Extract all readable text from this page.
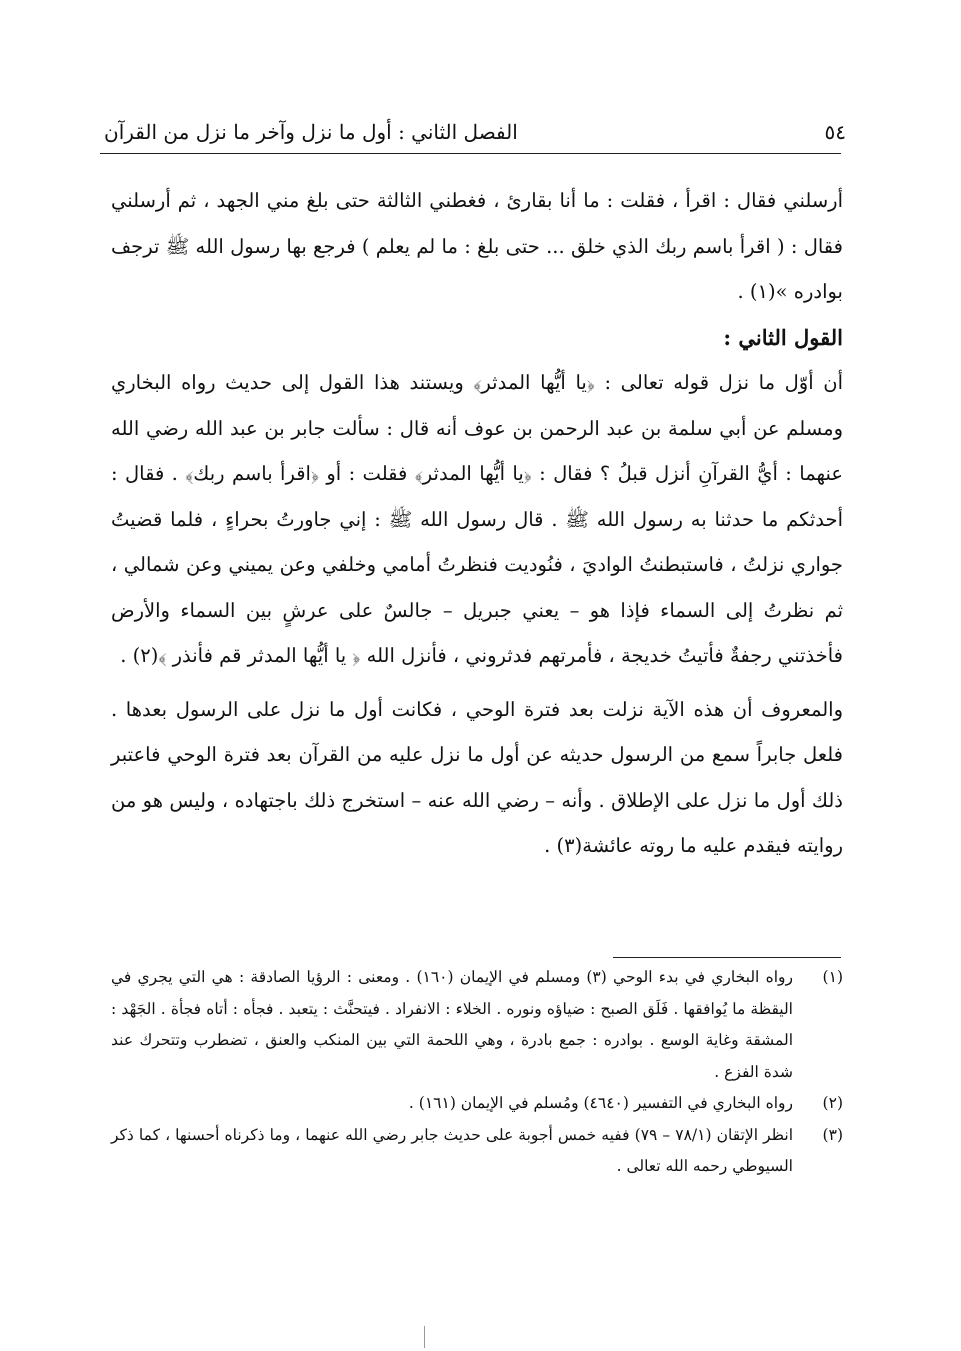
٥٤
الفصل الثاني : أول ما نزل وآخر ما نزل من القرآن

أرسلني فقال : اقرأ ، فقلت : ما أنا بقارئ ، فغطني الثالثة حتى بلغ مني الجهد ، ثم أرسلني فقال : ( اقرأ باسم ربك الذي خلق ... حتى بلغ : ما لم يعلم ) فرجع بها رسول الله ﷺ ترجف بوادره »(١) .

القول الثاني :

أن أوّل ما نزل قوله تعالى : ﴿يا أيُّها المدثر﴾ ويستند هذا القول إلى حديث رواه البخاري ومسلم عن أبي سلمة بن عبد الرحمن بن عوف أنه قال : سألت جابر بن عبد الله رضي الله عنهما : أيُّ القرآنِ أنزل قبلُ ؟ فقال : ﴿يا أيُّها المدثر﴾ فقلت : أو ﴿اقرأ باسم ربك﴾ . فقال : أحدثكم ما حدثنا به رسول الله ﷺ . قال رسول الله ﷺ : إني جاورتُ بحراءٍ ، فلما قضيتُ جواري نزلتُ ، فاستبطنتُ الواديَ ، فنُوديت فنظرتُ أمامي وخلفي وعن يميني وعن شمالي ، ثم نظرتُ إلى السماء فإذا هو – يعني جبريل – جالسٌ على عرشٍ بين السماء والأرض فأخذتني رجفةٌ فأتيتُ خديجة ، فأمرتهم فدثروني ، فأنزل الله ﴿ يا أيُّها المدثر قم فأنذر ﴾(٢) .

والمعروف أن هذه الآية نزلت بعد فترة الوحي ، فكانت أول ما نزل على الرسول بعدها . فلعل جابراً سمع من الرسول حديثه عن أول ما نزل عليه من القرآن بعد فترة الوحي فاعتبر ذلك أول ما نزل على الإطلاق . وأنه – رضي الله عنه – استخرج ذلك باجتهاده ، وليس هو من روايته فيقدم عليه ما روته عائشة(٣) .

(١)
رواه البخاري في بدء الوحي (٣) ومسلم في الإيمان (١٦٠) . ومعنى : الرؤيا الصادقة : هي التي يجري في اليقظة ما يُوافقها . فَلَق الصبح : ضياؤه ونوره . الخلاء : الانفراد . فيتحنَّث : يتعبد . فجأه : أتاه فجأة . الجَهْد : المشقة وغاية الوسع . بوادره : جمع بادرة ، وهي اللحمة التي بين المنكب والعنق ، تضطرب وتتحرك عند شدة الفزع .
(٢)
رواه البخاري في التفسير (٤٦٤٠) ومُسلم في الإيمان (١٦١) .
(٣)
انظر الإتقان (٧٨/١ – ٧٩) ففيه خمس أجوبة على حديث جابر رضي الله عنهما ، وما ذكرناه أحسنها ، كما ذكر السيوطي رحمه الله تعالى .
